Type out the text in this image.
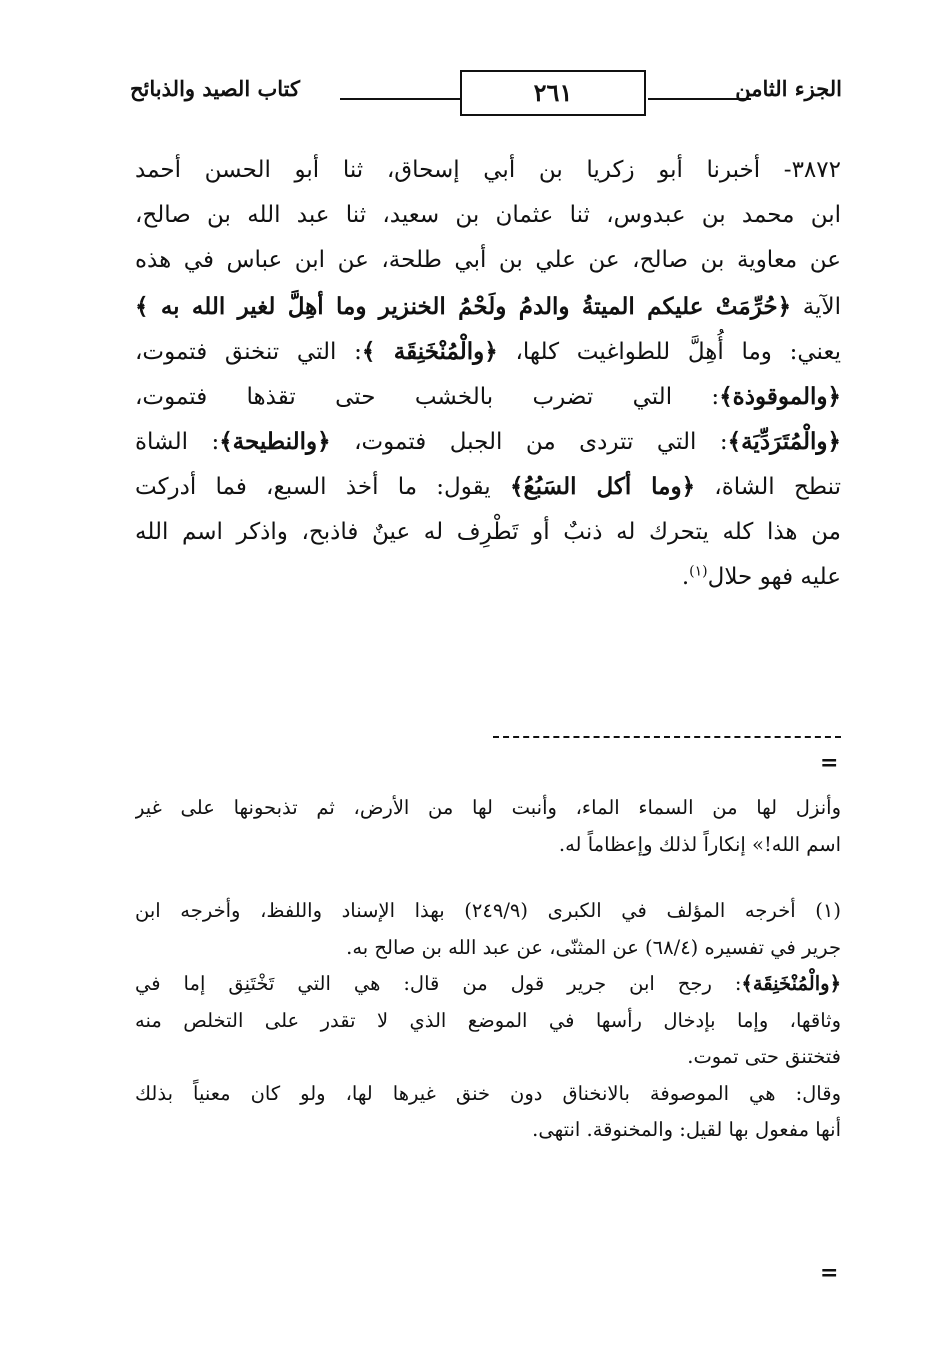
الجزء الثامن
٢٦١
كتاب الصيد والذبائح
٣٨٧٢- أخبرنا أبو زكريا بن أبي إسحاق، ثنا أبو الحسن أحمد
ابن محمد بن عبدوس، ثنا عثمان بن سعيد، ثنا عبد الله بن صالح،
عن معاوية بن صالح، عن علي بن أبي طلحة، عن ابن عباس في هذه
الآية ﴿حُرِّمَتْ عليكم الميتةُ والدمُ ولَحْمُ الخنزير وما أهِلَّ لغير الله به ﴾
يعني: وما أُهِلَّ للطواغيت كلها، ﴿والْمُنْخَنِقَة ﴾: التي تنخنق فتموت،
﴿والموقوذة﴾: التي تضرب بالخشب حتى تقذها فتموت،
﴿والْمُتَرَدِّيَة﴾: التي تتردى من الجبل فتموت، ﴿والنطيحة﴾: الشاة
تنطح الشاة، ﴿وما أكل السَبُعُ﴾ يقول: ما أخذ السبع، فما أدركت
من هذا كله يتحرك له ذنبٌ أو تَطْرِف له عينٌ فاذبح، واذكر اسم الله
عليه فهو حلال$^{(١)}$.
=
وأنزل لها من السماء الماء، وأنبت لها من الأرض، ثم تذبحونها على غير
اسم الله!» إنكاراً لذلك وإعظاماً له.
(١) أخرجه المؤلف في الكبرى (٢٤٩/٩) بهذا الإسناد واللفظ، وأخرجه ابن
جرير في تفسيره (٦٨/٤) عن المثنّى، عن عبد الله بن صالح به.
﴿والْمُنْخَنِقَة﴾: رجح ابن جرير قول من قال: هي التي تَخْتَنِق إما في
وثاقها، وإما بإدخال رأسها في الموضع الذي لا تقدر على التخلص منه
فتختنق حتى تموت.
وقال: هي الموصوفة بالانخناق دون خنق غيرها لها، ولو كان معنياً بذلك
أنها مفعول بها لقيل: والمخنوقة. انتهى.
=
